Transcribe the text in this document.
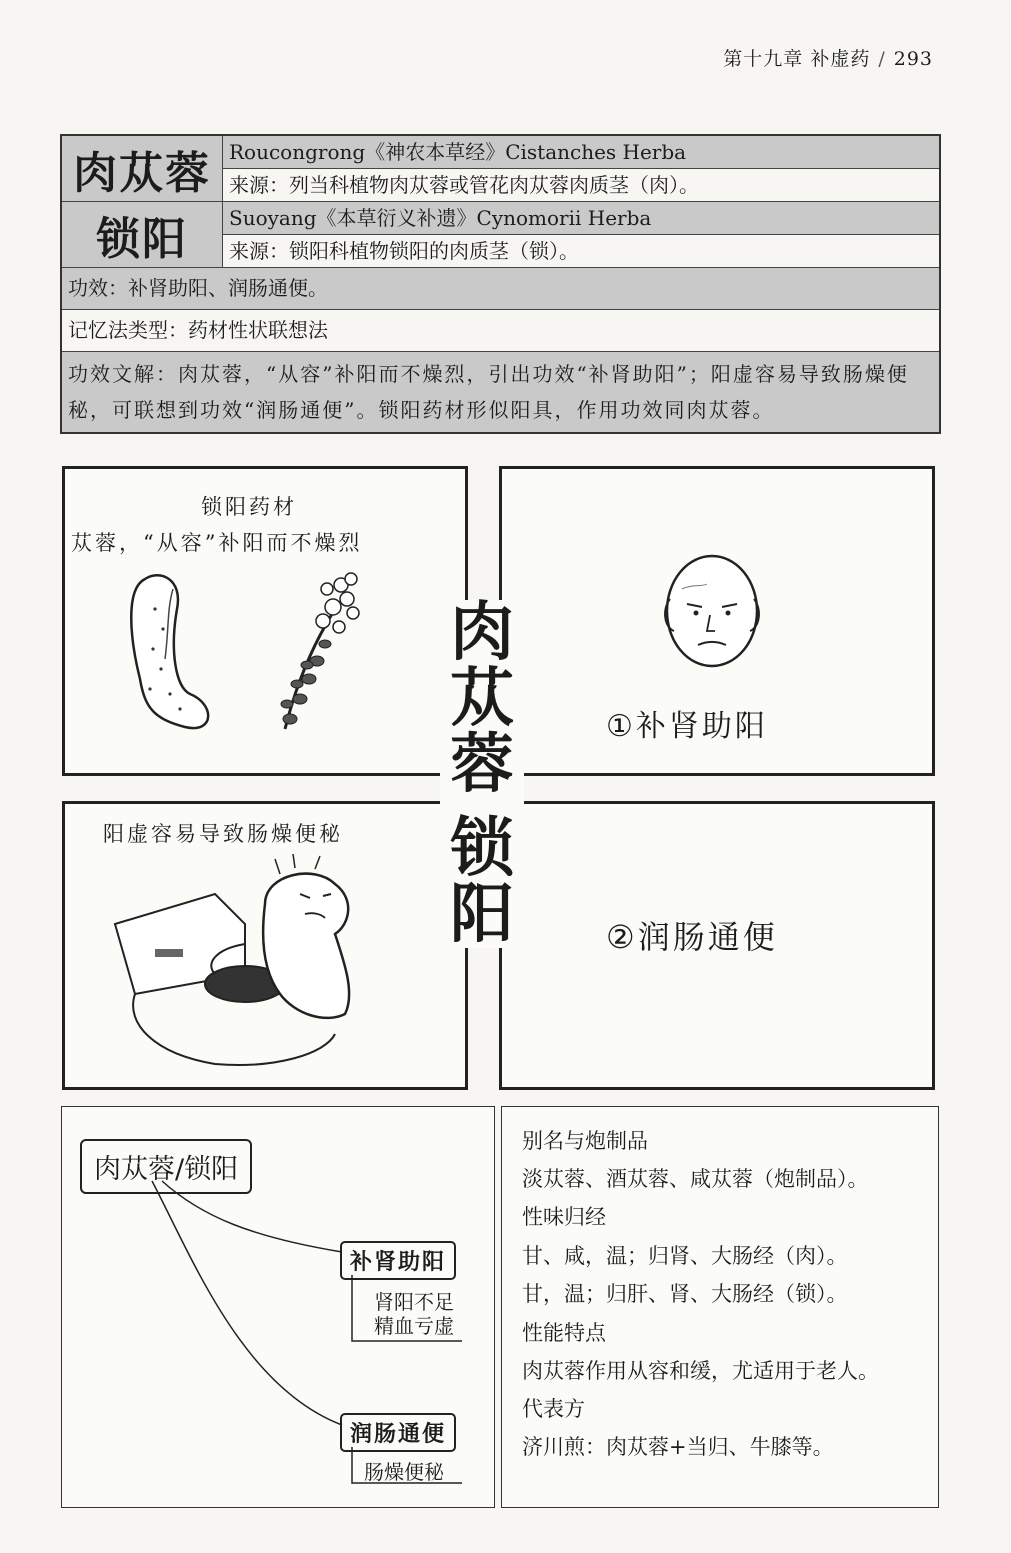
第十九章 补虚药 / 293
肉苁蓉 Roucongrong《神农本草经》Cistanches Herba
来源：列当科植物肉苁蓉或管花肉苁蓉肉质茎（肉）。
锁阳	Suoyang《本草衍义补遗》Cynomorii Herba
来源：锁阳科植物锁阳的肉质茎（锁）。
功效：补肾助阳、润肠通便。
记忆法类型：药材性状联想法
功效文解：肉苁蓉，“从容”补阳而不燥烈，引出功效“补肾助阳”；阳虚容易导致肠燥便秘，可联想到功效“润肠通便”。锁阳药材形似阳具，作用功效同肉苁蓉。
锁阳药材
苁蓉，“从容”补阳而不燥烈
①补肾助阳
阳虚容易导致肠燥便秘
②润肠通便
肉
苁
蓉
锁
阳
肉苁蓉/锁阳
补肾助阳
肾阳不足
精血亏虚
润肠通便
肠燥便秘
别名与炮制品
淡苁蓉、酒苁蓉、咸苁蓉（炮制品）。
性味归经
甘、咸，温；归肾、大肠经（肉）。
甘，温；归肝、肾、大肠经（锁）。
性能特点
肉苁蓉作用从容和缓，尤适用于老人。
代表方
济川煎：肉苁蓉+当归、牛膝等。
